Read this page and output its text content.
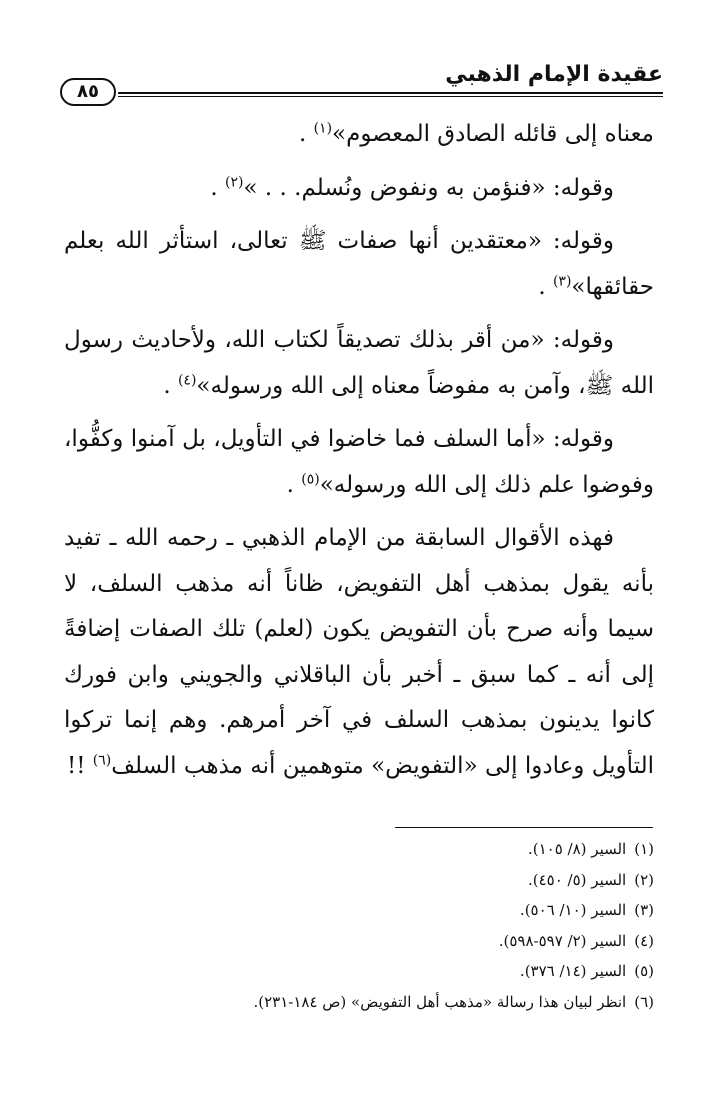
عقيدة الإمام الذهبي
٨٥

معناه إلى قائله الصادق المعصوم»$^{(١)}$ .

وقوله: «فنؤمن به ونفوض ونُسلم. . . »$^{(٢)}$ .

وقوله: «معتقدين أنها صفات ﷺ تعالى، استأثر الله بعلم حقائقها»$^{(٣)}$ .

وقوله: «من أقر بذلك تصديقاً لكتاب الله، ولأحاديث رسول الله ﷺ، وآمن به مفوضاً معناه إلى الله ورسوله»$^{(٤)}$ .

وقوله: «أما السلف فما خاضوا في التأويل، بل آمنوا وكفُّوا، وفوضوا علم ذلك إلى الله ورسوله»$^{(٥)}$ .

فهذه الأقوال السابقة من الإمام الذهبي ـ رحمه الله ـ تفيد بأنه يقول بمذهب أهل التفويض، ظاناً أنه مذهب السلف، لا سيما وأنه صرح بأن التفويض يكون (لعلم) تلك الصفات إضافةً إلى أنه ـ كما سبق ـ أخبر بأن الباقلاني والجويني وابن فورك كانوا يدينون بمذهب السلف في آخر أمرهم. وهم إنما تركوا التأويل وعادوا إلى «التفويض» متوهمين أنه مذهب السلف$^{(٦)}$ !!

(١)السير (٨/ ١٠٥).

(٢)السير (٥/ ٤٥٠).

(٣)السير (١٠/ ٥٠٦).

(٤)السير (٢/ ٥٩٧-٥٩٨).

(٥)السير (١٤/ ٣٧٦).

(٦)انظر لبيان هذا رسالة «مذهب أهل التفويض» (ص ١٨٤-٢٣١).
